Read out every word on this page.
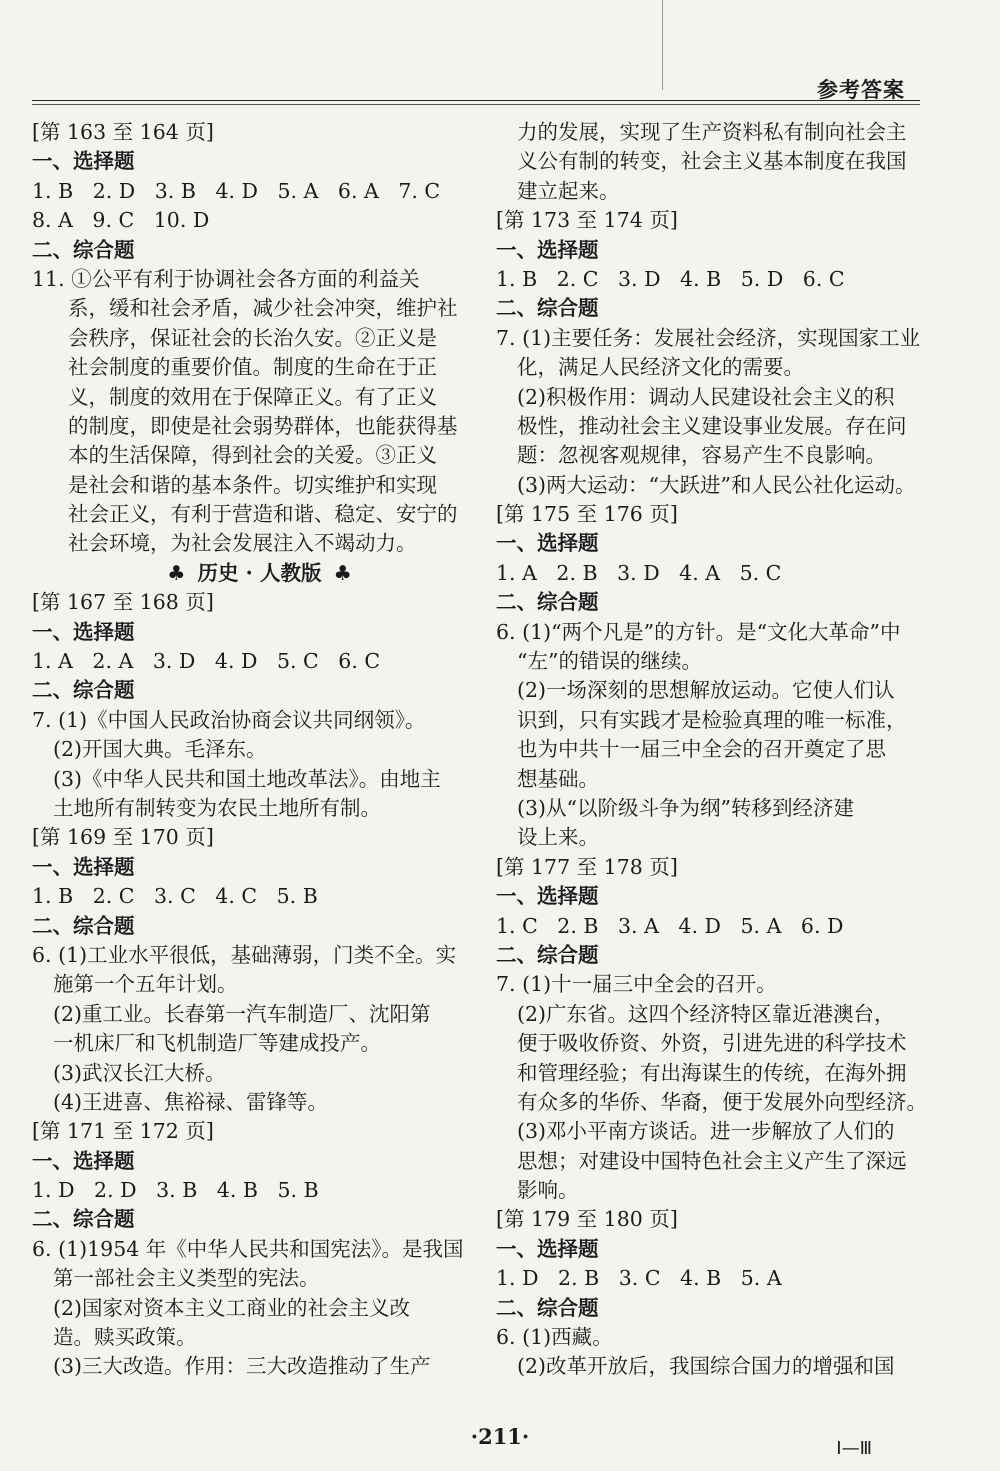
参考答案
[第 163 至 164 页]
一、选择题
1. B   2. D   3. B   4. D   5. A   6. A   7. C
8. A   9. C   10. D
二、综合题
11. ①公平有利于协调社会各方面的利益关
系，缓和社会矛盾，减少社会冲突，维护社
会秩序，保证社会的长治久安。②正义是
社会制度的重要价值。制度的生命在于正
义，制度的效用在于保障正义。有了正义
的制度，即使是社会弱势群体，也能获得基
本的生活保障，得到社会的关爱。③正义
是社会和谐的基本条件。切实维护和实现
社会正义，有利于营造和谐、稳定、安宁的
社会环境，为社会发展注入不竭动力。
♣ 历史 · 人教版 ♣
[第 167 至 168 页]
一、选择题
1. A   2. A   3. D   4. D   5. C   6. C
二、综合题
7. (1)《中国人民政治协商会议共同纲领》。
(2)开国大典。毛泽东。
(3)《中华人民共和国土地改革法》。由地主
土地所有制转变为农民土地所有制。
[第 169 至 170 页]
一、选择题
1. B   2. C   3. C   4. C   5. B
二、综合题
6. (1)工业水平很低，基础薄弱，门类不全。实
施第一个五年计划。
(2)重工业。长春第一汽车制造厂、沈阳第
一机床厂和飞机制造厂等建成投产。
(3)武汉长江大桥。
(4)王进喜、焦裕禄、雷锋等。
[第 171 至 172 页]
一、选择题
1. D   2. D   3. B   4. B   5. B
二、综合题
6. (1)1954 年《中华人民共和国宪法》。是我国
第一部社会主义类型的宪法。
(2)国家对资本主义工商业的社会主义改
造。赎买政策。
(3)三大改造。作用：三大改造推动了生产
力的发展，实现了生产资料私有制向社会主
义公有制的转变，社会主义基本制度在我国
建立起来。
[第 173 至 174 页]
一、选择题
1. B   2. C   3. D   4. B   5. D   6. C
二、综合题
7. (1)主要任务：发展社会经济，实现国家工业
化，满足人民经济文化的需要。
(2)积极作用：调动人民建设社会主义的积
极性，推动社会主义建设事业发展。存在问
题：忽视客观规律，容易产生不良影响。
(3)两大运动：“大跃进”和人民公社化运动。
[第 175 至 176 页]
一、选择题
1. A   2. B   3. D   4. A   5. C
二、综合题
6. (1)“两个凡是”的方针。是“文化大革命”中
“左”的错误的继续。
(2)一场深刻的思想解放运动。它使人们认
识到，只有实践才是检验真理的唯一标准，
也为中共十一届三中全会的召开奠定了思
想基础。
(3)从“以阶级斗争为纲”转移到经济建
设上来。
[第 177 至 178 页]
一、选择题
1. C   2. B   3. A   4. D   5. A   6. D
二、综合题
7. (1)十一届三中全会的召开。
(2)广东省。这四个经济特区靠近港澳台，
便于吸收侨资、外资，引进先进的科学技术
和管理经验；有出海谋生的传统，在海外拥
有众多的华侨、华裔，便于发展外向型经济。
(3)邓小平南方谈话。进一步解放了人们的
思想；对建设中国特色社会主义产生了深远
影响。
[第 179 至 180 页]
一、选择题
1. D   2. B   3. C   4. B   5. A
二、综合题
6. (1)西藏。
(2)改革开放后，我国综合国力的增强和国
·211·	Ⅰ—Ⅲ
